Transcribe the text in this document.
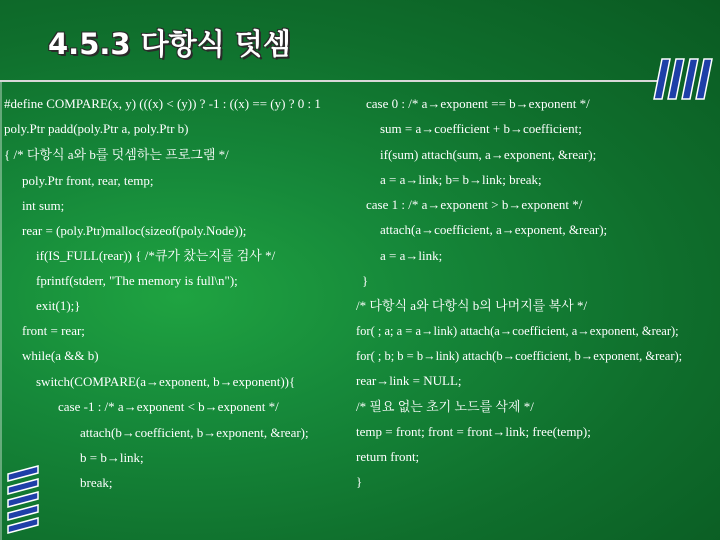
4.5.3 다항식 덧셈
#define COMPARE(x, y) (((x) < (y)) ? -1 : ((x) == (y) ? 0 : 1
poly.Ptr padd(poly.Ptr a, poly.Ptr b)
{ /* 다항식 a와 b를 덧셈하는 프로그램 */
poly.Ptr front, rear, temp;
int sum;
rear = (poly.Ptr)malloc(sizeof(poly.Node));
if(IS_FULL(rear)) { /*큐가 찼는지를 검사 */
fprintf(stderr, "The memory is full\n");
exit(1);}
front = rear;
while(a && b)
switch(COMPARE(a→exponent, b→exponent)){
case -1 : /* a→exponent < b→exponent */
attach(b→coefficient, b→exponent, &rear);
b = b→link;
break;
case 0 : /* a→exponent == b→exponent */
sum = a→coefficient + b→coefficient;
if(sum) attach(sum, a→exponent, &rear);
a = a→link; b= b→link; break;
case 1 : /* a→exponent > b→exponent */
attach(a→coefficient, a→exponent, &rear);
a = a→link;
}
/* 다항식 a와 다항식 b의 나머지를 복사 */
for( ; a; a = a→link) attach(a→coefficient, a→exponent, &rear);
for( ; b; b = b→link) attach(b→coefficient, b→exponent, &rear);
rear→link = NULL;
/* 필요 없는 초기 노드를 삭제 */
temp = front; front = front→link; free(temp);
return front;
}
